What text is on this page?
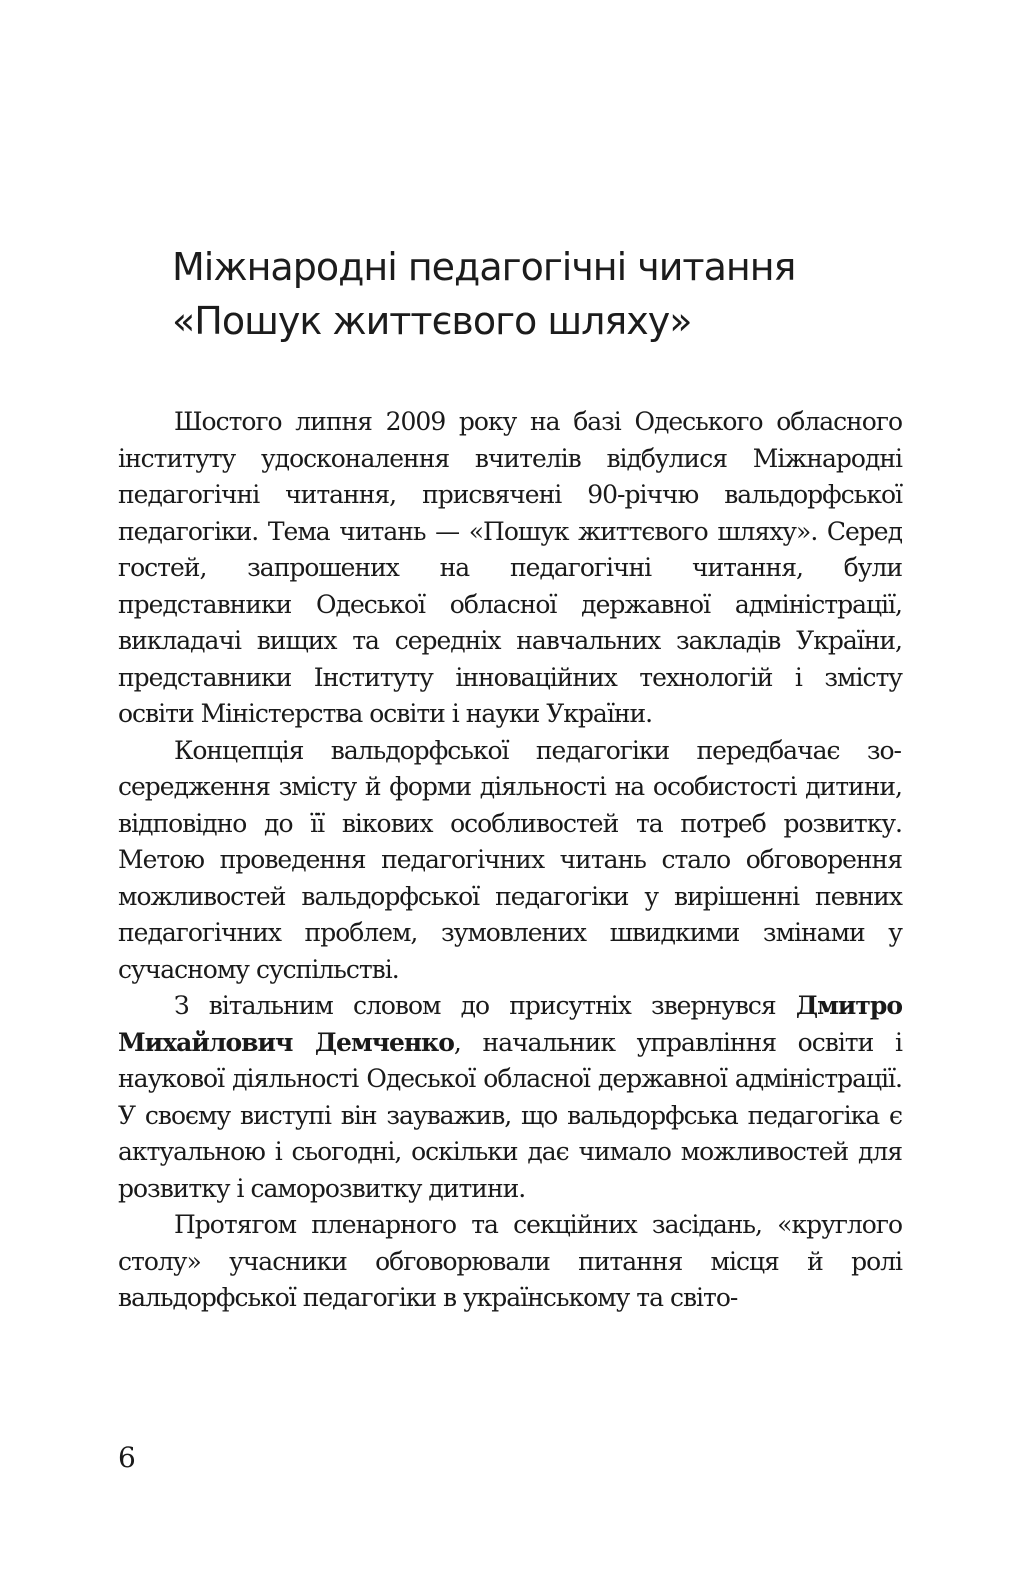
Міжнародні педагогічні читання
«Пошук життєвого шляху»

Шостого липня 2009 року на базі Одеського обласного інституту удосконалення вчителів відбулися Міжнародні педагогічні читання, присвячені 90-річчю вальдорфської педагогіки. Тема читань — «Пошук життєвого шляху». Серед гостей, запрошених на педагогічні читання, були представники Одеської обласної державної адміністрації, викладачі вищих та середніх навчальних закладів України, представники Інституту інноваційних технологій і змісту освіти Міністерства освіти і науки України.

Концепція вальдорфської педагогіки передбачає зосередження змісту й форми діяльності на особистості дитини, відповідно до її вікових особливостей та потреб розвитку. Метою проведення педагогічних читань стало обговорення можливостей вальдорфської педагогіки у вирішенні певних педагогічних проблем, зумовлених швидкими змінами у сучасному суспільстві.

З вітальним словом до присутніх звернувся Дмитро Михайлович Демченко, начальник управління освіти і наукової діяльності Одеської обласної державної адміністрації. У своєму виступі він зауважив, що вальдорфська педагогіка є актуальною і сьогодні, оскільки дає чимало можливостей для розвитку і саморозвитку дитини.

Протягом пленарного та секційних засідань, «круглого столу» учасники обговорювали питання місця й ролі вальдорфської педагогіки в українському та світо-

6
